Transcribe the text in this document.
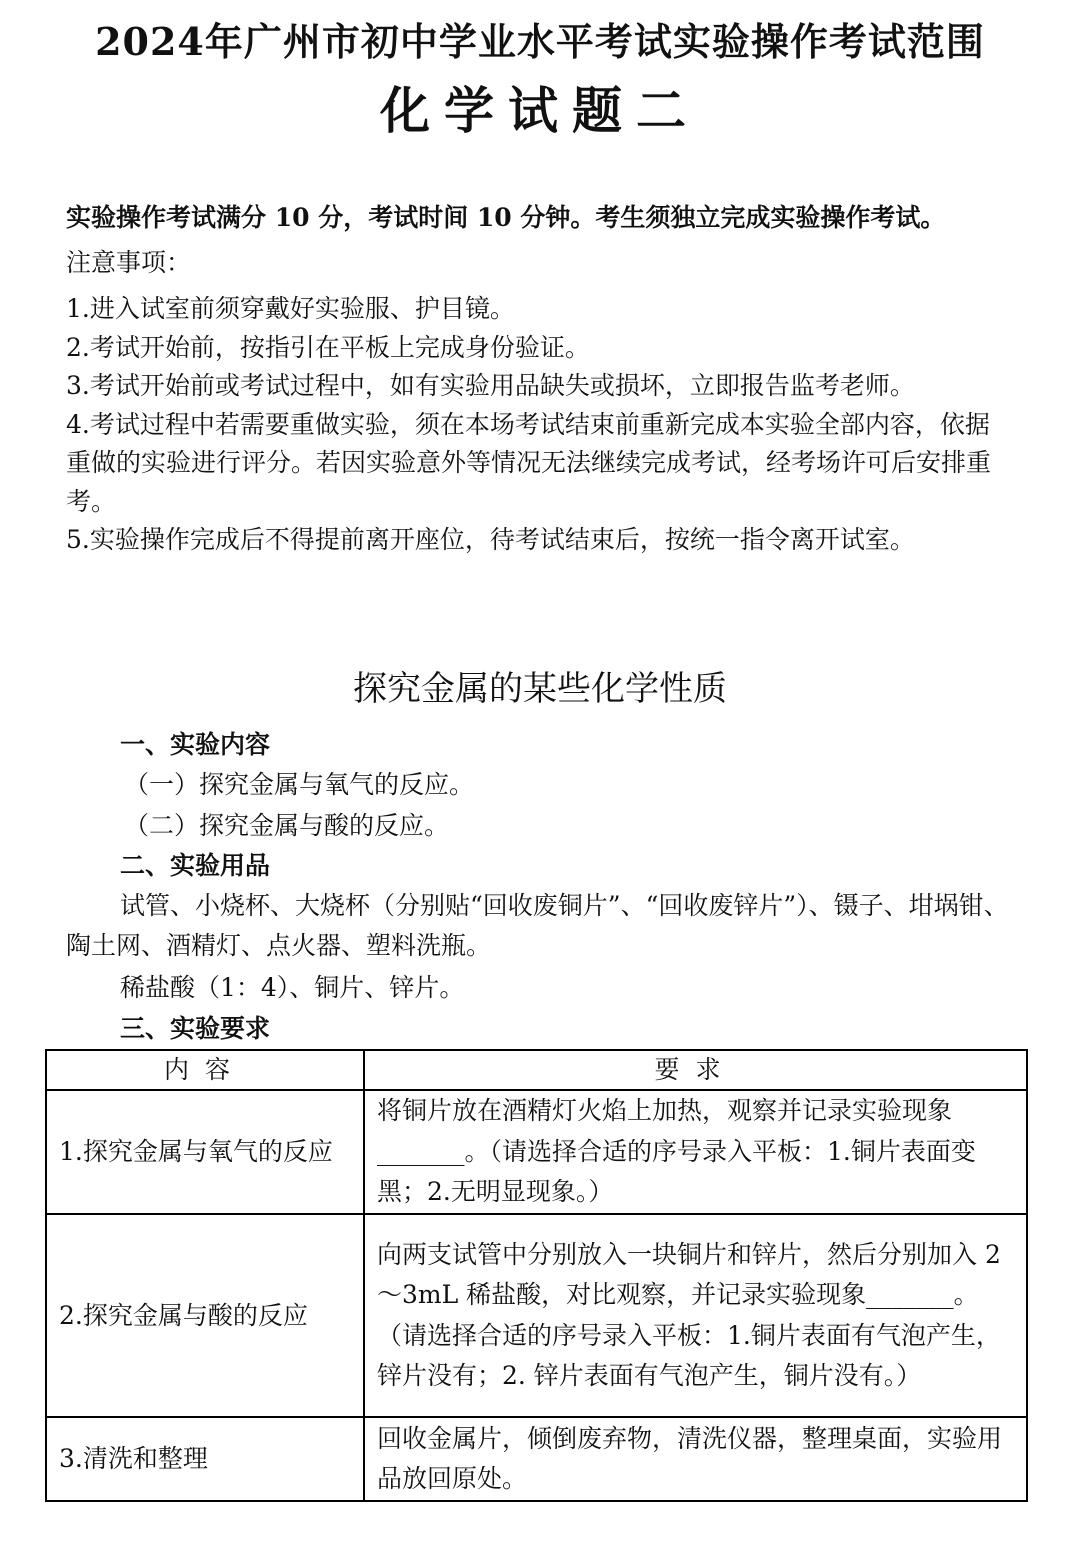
2024年广州市初中学业水平考试实验操作考试范围
化学试题二
实验操作考试满分 10 分，考试时间 10 分钟。考生须独立完成实验操作考试。
注意事项：

1.进入试室前须穿戴好实验服、护目镜。

2.考试开始前，按指引在平板上完成身份验证。

3.考试开始前或考试过程中，如有实验用品缺失或损坏，立即报告监考老师。

4.考试过程中若需要重做实验，须在本场考试结束前重新完成本实验全部内容，依据重做的实验进行评分。若因实验意外等情况无法继续完成考试，经考场许可后安排重考。

5.实验操作完成后不得提前离开座位，待考试结束后，按统一指令离开试室。

探究金属的某些化学性质
一、实验内容
（一）探究金属与氧气的反应。
（二）探究金属与酸的反应。
二、实验用品
试管、小烧杯、大烧杯（分别贴“回收废铜片”、“回收废锌片”）、镊子、坩埚钳、陶土网、酒精灯、点火器、塑料洗瓶。
稀盐酸（1：4）、铜片、锌片。
三、实验要求
内容	要求
1.探究金属与氧气的反应	将铜片放在酒精灯火焰上加热，观察并记录实验现象_______。（请选择合适的序号录入平板：1.铜片表面变黑；2.无明显现象。）
2.探究金属与酸的反应	向两支试管中分别放入一块铜片和锌片，然后分别加入 2～3mL 稀盐酸，对比观察，并记录实验现象_______。（请选择合适的序号录入平板：1.铜片表面有气泡产生，锌片没有；2. 锌片表面有气泡产生，铜片没有。）
3.清洗和整理	回收金属片，倾倒废弃物，清洗仪器，整理桌面，实验用品放回原处。
